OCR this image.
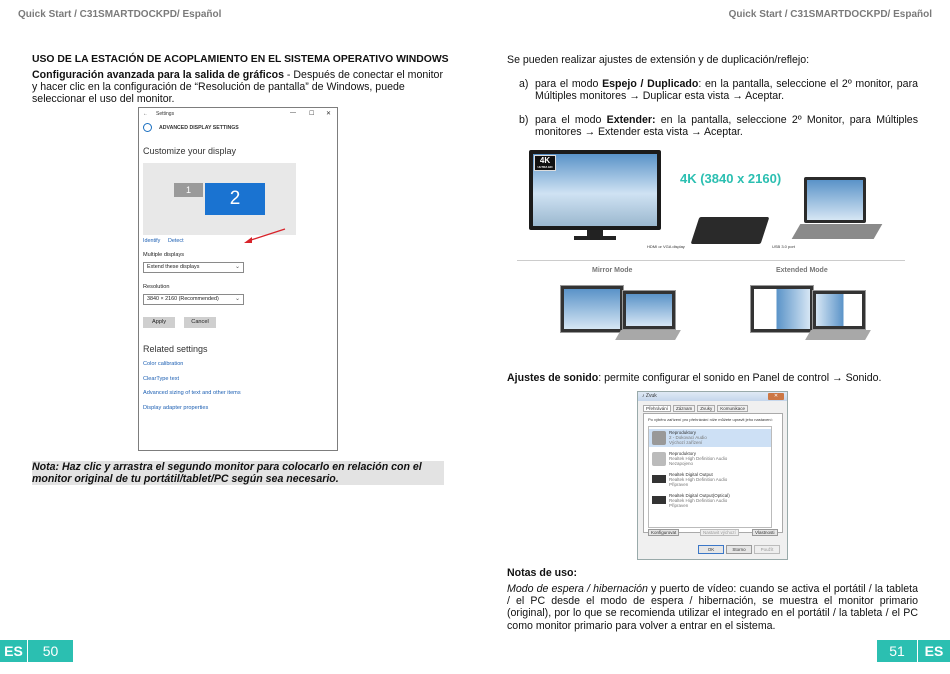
Quick Start / C31SMARTDOCKPD/ Español	Quick Start / C31SMARTDOCKPD/ Español
USO DE LA ESTACIÓN DE ACOPLAMIENTO EN EL SISTEMA OPERATIVO WINDOWS
Configuración avanzada para la salida de gráficos - Después de conectar el monitor y hacer clic en la configuración de “Resolución de pantalla” de Windows, puede seleccionar el uso del monitor.
← Settings	— ☐ ✕
ADVANCED DISPLAY SETTINGS
Customize your display
1	2
Identify Detect
Multiple displays
Extend these displays	⌄
Resolution
3840 × 2160 (Recommended)	⌄
Apply	Cancel
Related settings
Color calibration
ClearType text
Advanced sizing of text and other items
Display adapter properties
Nota: Haz clic y arrastra el segundo monitor para colocarlo en relación con el monitor original de tu portátil/tablet/PC según sea necesario.
Se pueden realizar ajustes de extensión y de duplicación/reflejo:
a) para el modo Espejo / Duplicado: en la pantalla, seleccione el 2º monitor, para Múltiples monitores → Duplicar esta vista → Aceptar.
b) para el modo Extender: en la pantalla, seleccione 2º Monitor, para Múltiples monitores → Extender esta vista → Aceptar.
4K
ULTRA HD
4K (3840 x 2160)
HDMI or VGA display	USB 3.0 port
Mirror Mode	Extended Mode
Ajustes de sonido: permite configurar el sonido en Panel de control → Sonido.
♪ Zvuk	✕
Přehrávání	Záznam	Zvuky	Komunikace
Po výběru zařízení pro přehrávání níže můžete upravit jeho nastavení:
Reproduktory
2 - Dokovací Audio
Výchozí zařízení
Reproduktory
Realtek High Definition Audio
Nezapojeno
Realtek Digital Output
Realtek High Definition Audio
Připraven
Realtek Digital Output(Optical)
Realtek High Definition Audio
Připraven
Konfigurovat	Nastavit výchozí	Vlastnosti
OK	Storno	Použít
Notas de uso:
Modo de espera / hibernación y puerto de vídeo: cuando se activa el portátil / la tableta / el PC desde el modo de espera / hibernación, se muestra el monitor primario (original), por lo que se recomienda utilizar el integrado en el portátil / la tableta / el PC como monitor primario para volver a entrar en el sistema.
ES	50	51	ES
